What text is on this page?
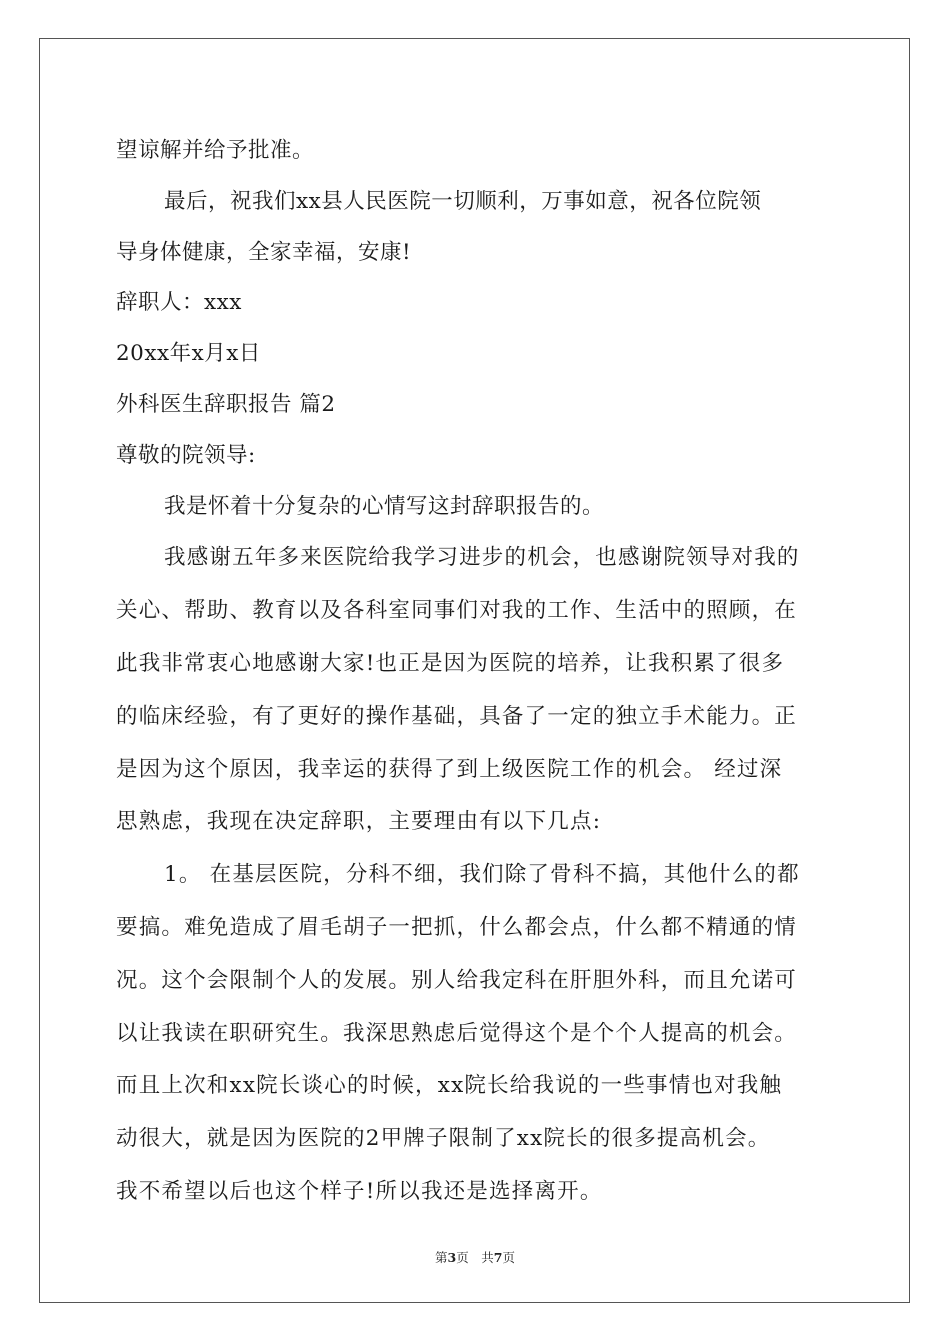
望谅解并给予批准。
最后，祝我们xx县人民医院一切顺利，万事如意，祝各位院领
导身体健康，全家幸福，安康!
辞职人：xxx
20xx年x月x日
外科医生辞职报告 篇2
尊敬的院领导:
我是怀着十分复杂的心情写这封辞职报告的。
我感谢五年多来医院给我学习进步的机会，也感谢院领导对我的
关心、帮助、教育以及各科室同事们对我的工作、生活中的照顾，在
此我非常衷心地感谢大家!也正是因为医院的培养，让我积累了很多
的临床经验，有了更好的操作基础，具备了一定的独立手术能力。正
是因为这个原因，我幸运的获得了到上级医院工作的机会。 经过深
思熟虑，我现在决定辞职，主要理由有以下几点:
1。 在基层医院，分科不细，我们除了骨科不搞，其他什么的都
要搞。难免造成了眉毛胡子一把抓，什么都会点，什么都不精通的情
况。这个会限制个人的发展。别人给我定科在肝胆外科，而且允诺可
以让我读在职研究生。我深思熟虑后觉得这个是个个人提高的机会。
而且上次和xx院长谈心的时候，xx院长给我说的一些事情也对我触
动很大，就是因为医院的2甲牌子限制了xx院长的很多提高机会。
我不希望以后也这个样子!所以我还是选择离开。
第3页　共7页
